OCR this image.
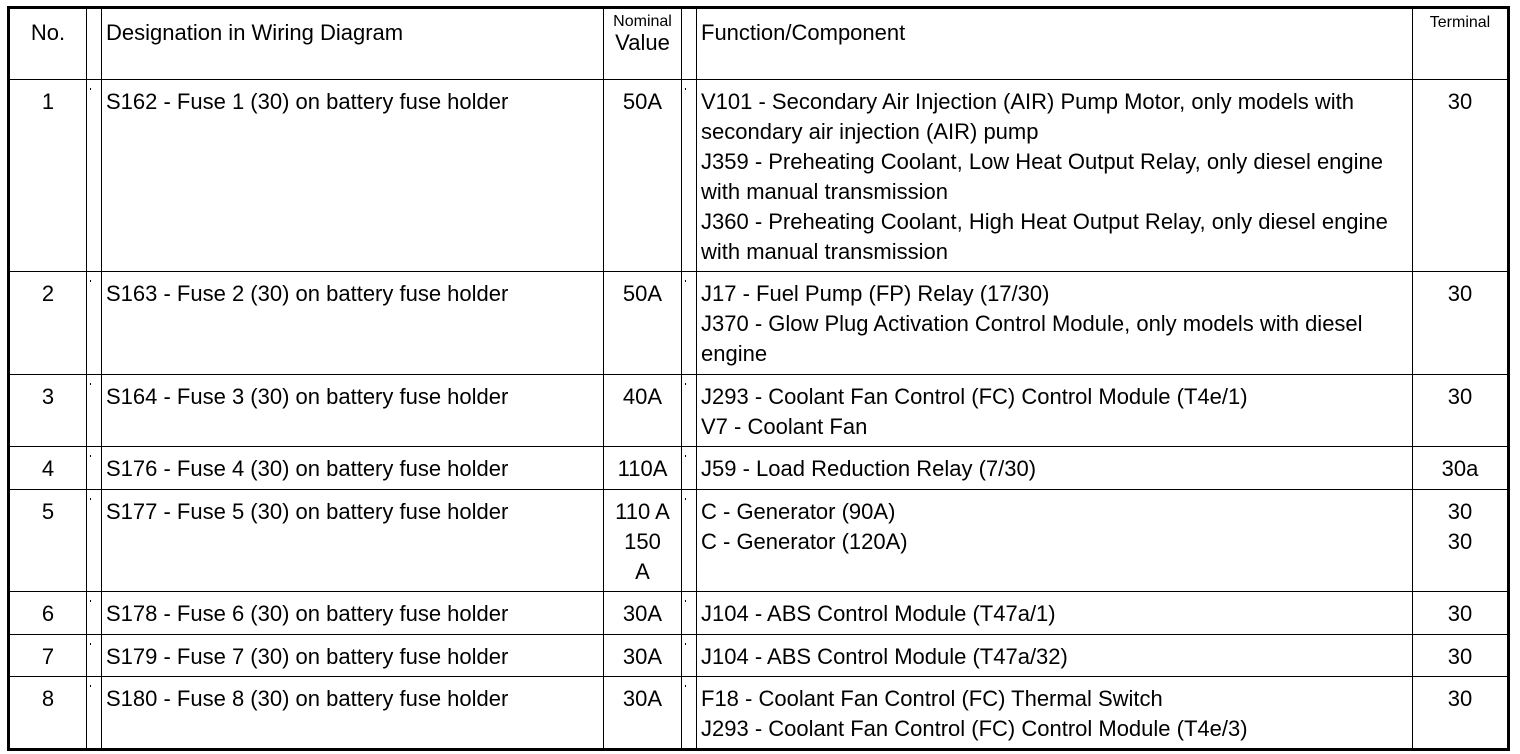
No.		Designation in Wiring Diagram	Nominal
Value		Function/Component	Terminal
1		S162 - Fuse 1 (30) on battery fuse holder	50A		V101 - Secondary Air Injection (AIR) Pump Motor, only models with secondary air injection (AIR) pump
J359 - Preheating Coolant, Low Heat Output Relay, only diesel engine with manual transmission
J360 - Preheating Coolant, High Heat Output Relay, only diesel engine with manual transmission	30

2		S163 - Fuse 2 (30) on battery fuse holder	50A		J17 - Fuel Pump (FP) Relay (17/30)
J370 - Glow Plug Activation Control Module, only models with diesel engine	30

3		S164 - Fuse 3 (30) on battery fuse holder	40A		J293 - Coolant Fan Control (FC) Control Module (T4e/1)
V7 - Coolant Fan	30

4		S176 - Fuse 4 (30) on battery fuse holder	110A		J59 - Load Reduction Relay (7/30)	30a

5		S177 - Fuse 5 (30) on battery fuse holder	110 A
150
A		C - Generator (90A)
C - Generator (120A)	30
30

6		S178 - Fuse 6 (30) on battery fuse holder	30A		J104 - ABS Control Module (T47a/1)	30

7		S179 - Fuse 7 (30) on battery fuse holder	30A		J104 - ABS Control Module (T47a/32)	30

8		S180 - Fuse 8 (30) on battery fuse holder	30A		F18 - Coolant Fan Control (FC) Thermal Switch
J293 - Coolant Fan Control (FC) Control Module (T4e/3)	30
